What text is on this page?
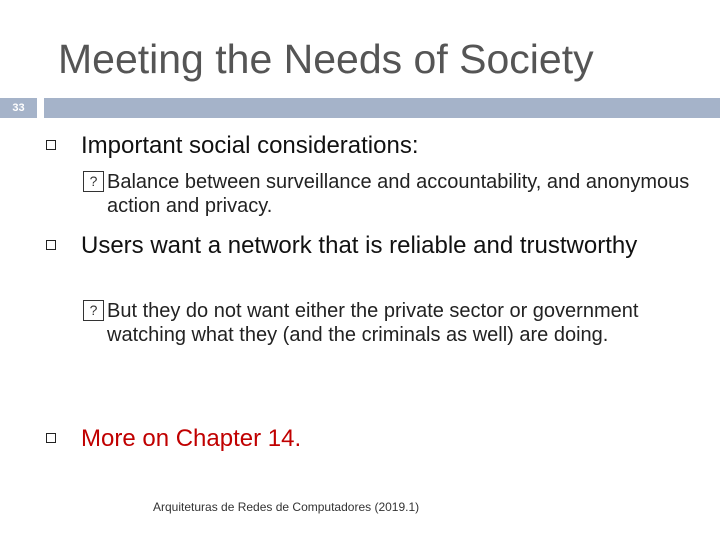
Meeting the Needs of Society
33
Important social considerations:
? Balance between surveillance and accountability, and anonymous action and privacy.
Users want a network that is reliable and trustworthy
? But they do not want either the private sector or government watching what they (and the criminals as well) are doing.
More on Chapter 14.
Arquiteturas de Redes de Computadores (2019.1)
